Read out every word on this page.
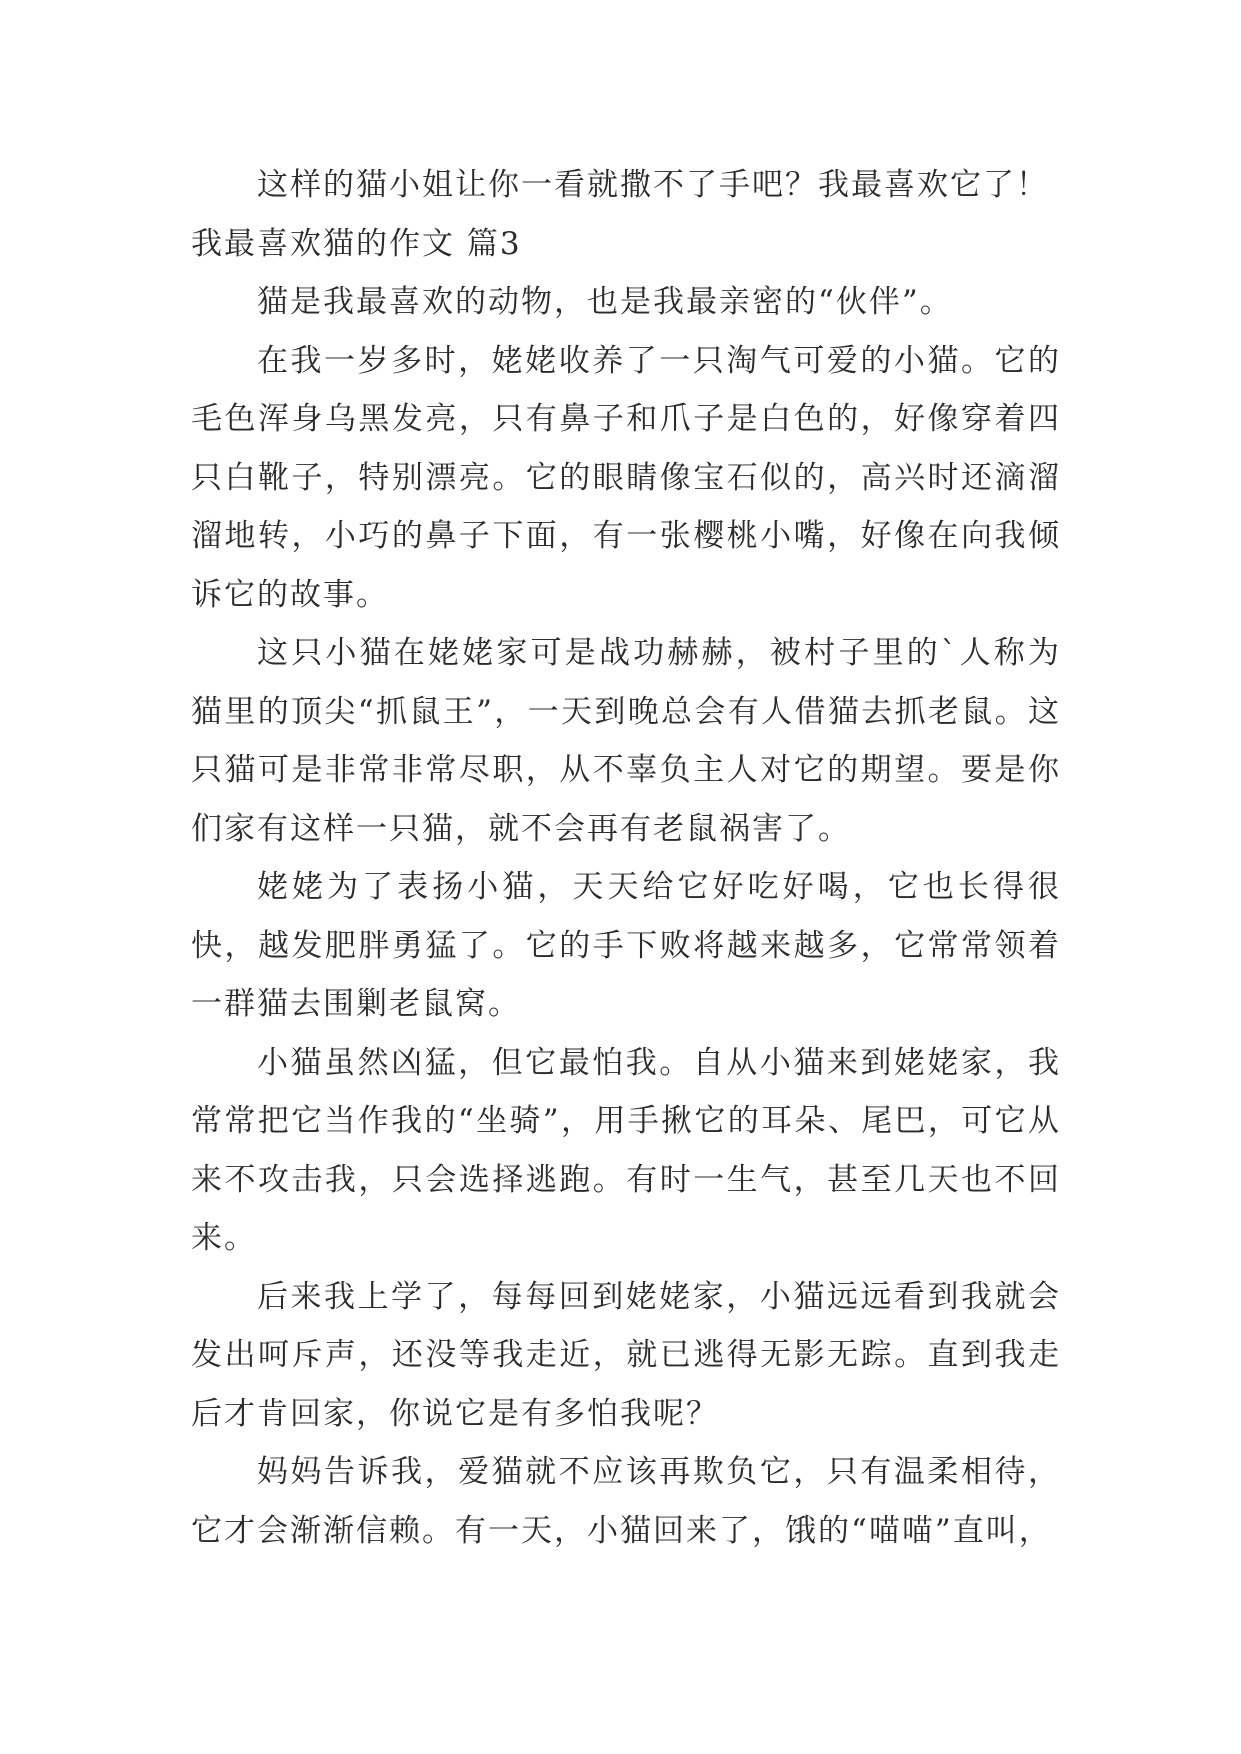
这样的猫小姐让你一看就撒不了手吧？我最喜欢它了！

我最喜欢猫的作文 篇3

猫是我最喜欢的动物，也是我最亲密的“伙伴”。

在我一岁多时，姥姥收养了一只淘气可爱的小猫。它的毛色浑身乌黑发亮，只有鼻子和爪子是白色的，好像穿着四只白靴子，特别漂亮。它的眼睛像宝石似的，高兴时还滴溜溜地转，小巧的鼻子下面，有一张樱桃小嘴，好像在向我倾诉它的故事。

这只小猫在姥姥家可是战功赫赫，被村子里的`人称为猫里的顶尖“抓鼠王”，一天到晚总会有人借猫去抓老鼠。这只猫可是非常非常尽职，从不辜负主人对它的期望。要是你们家有这样一只猫，就不会再有老鼠祸害了。

姥姥为了表扬小猫，天天给它好吃好喝，它也长得很快，越发肥胖勇猛了。它的手下败将越来越多，它常常领着一群猫去围剿老鼠窝。

小猫虽然凶猛，但它最怕我。自从小猫来到姥姥家，我常常把它当作我的“坐骑”，用手揪它的耳朵、尾巴，可它从来不攻击我，只会选择逃跑。有时一生气，甚至几天也不回来。

后来我上学了，每每回到姥姥家，小猫远远看到我就会发出呵斥声，还没等我走近，就已逃得无影无踪。直到我走后才肯回家，你说它是有多怕我呢？

妈妈告诉我，爱猫就不应该再欺负它，只有温柔相待，它才会渐渐信赖。有一天，小猫回来了，饿的“喵喵”直叫，
